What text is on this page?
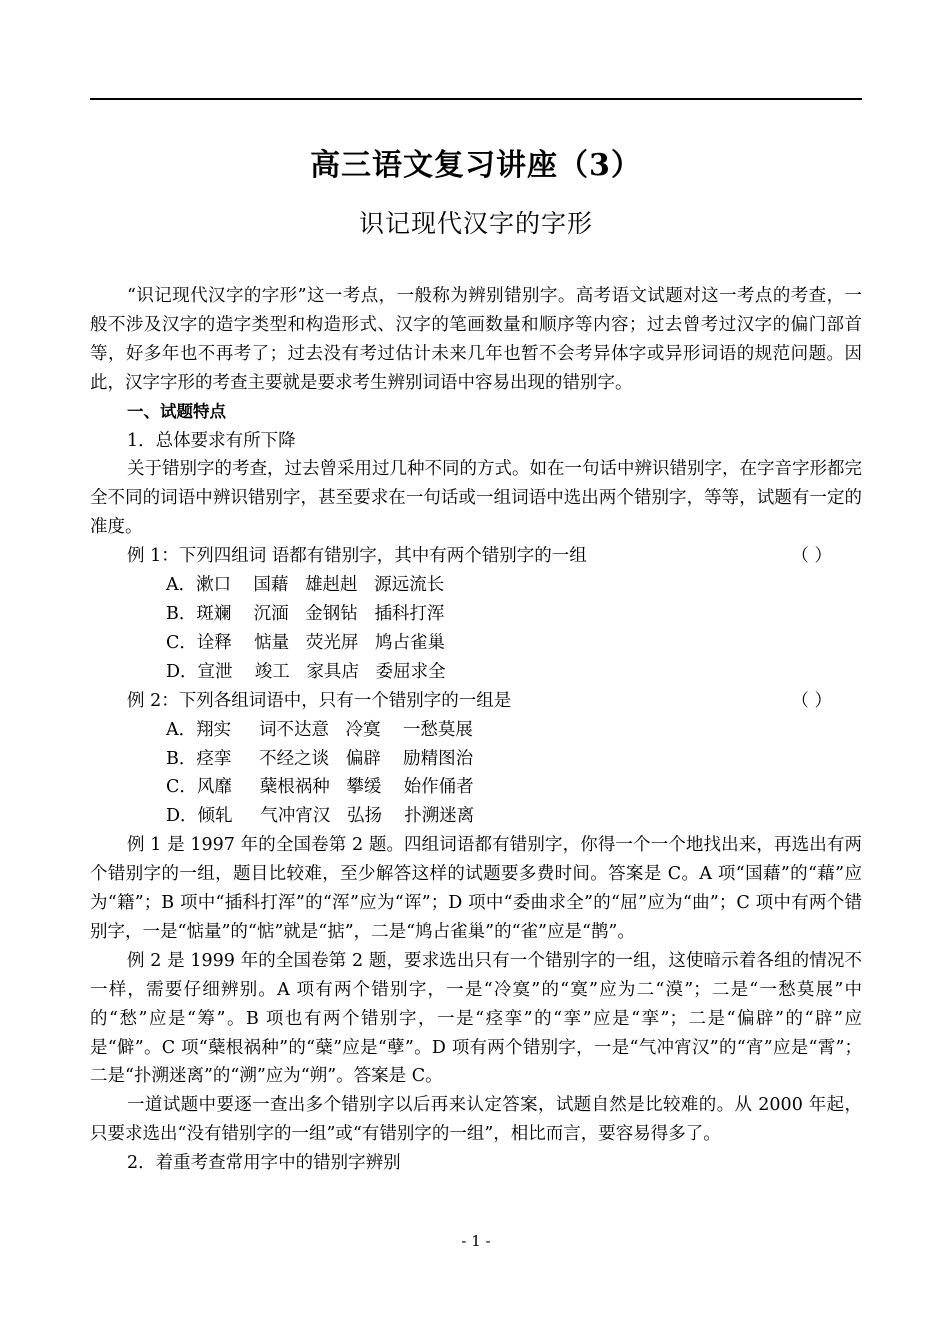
高三语文复习讲座（3）
识记现代汉字的字形

“识记现代汉字的字形”这一考点，一般称为辨别错别字。高考语文试题对这一考点的考查，一般不涉及汉字的造字类型和构造形式、汉字的笔画数量和顺序等内容；过去曾考过汉字的偏门部首等，好多年也不再考了；过去没有考过估计未来几年也暂不会考异体字或异形词语的规范问题。因此，汉字字形的考查主要就是要求考生辨别词语中容易出现的错别字。

一、试题特点

1．总体要求有所下降

关于错别字的考查，过去曾采用过几种不同的方式。如在一句话中辨识错别字，在字音字形都完全不同的词语中辨识错别字，甚至要求在一句话或一组词语中选出两个错别字，等等，试题有一定的准度。

例 1：下列四组词 语都有错别字，其中有两个错别字的一组	（ ）

A．漱口    国藉   雄赳赳   源远流长

B．斑斓    沉湎   金钢钻   插科打浑

C．诠释    惦量   荧光屏   鸠占雀巢

D．宣泄    竣工   家具店   委屈求全

例 2：下列各组词语中，只有一个错别字的一组是	（ ）

A．翔实     词不达意   冷寞    一愁莫展

B．痉挛     不经之谈   偏辟    励精图治

C．风靡     蘖根祸种   攀缓    始作俑者

D．倾轧     气冲宵汉   弘扬    扑溯迷离

例 1 是 1997 年的全国卷第 2 题。四组词语都有错别字，你得一个一个地找出来，再选出有两个错别字的一组，题目比较难，至少解答这样的试题要多费时间。答案是 C。A 项“国藉”的“藉”应为“籍”；B 项中“插科打浑”的“浑”应为“诨”；D 项中“委曲求全”的“屈”应为“曲”；C 项中有两个错别字，一是“惦量”的“惦”就是“掂”，二是“鸠占雀巢”的“雀”应是“鹊”。

例 2 是 1999 年的全国卷第 2 题，要求选出只有一个错别字的一组，这使暗示着各组的情况不一样，需要仔细辨别。A 项有两个错别字，一是“冷寞”的“寞”应为二“漠”；二是“一愁莫展”中的“愁”应是“筹”。B 项也有两个错别字，一是“痉挛”的“挛”应是“挛”；二是“偏辟”的“辟”应是“僻”。C 项“蘖根祸种”的“蘖”应是“孽”。D 项有两个错别字，一是“气冲宵汉”的“宵”应是“霄”；二是“扑溯迷离”的“溯”应为“朔”。答案是 C。

一道试题中要逐一查出多个错别字以后再来认定答案，试题自然是比较难的。从 2000 年起，只要求选出“没有错别字的一组”或“有错别字的一组”，相比而言，要容易得多了。

2．着重考查常用字中的错别字辨别

- 1 -
